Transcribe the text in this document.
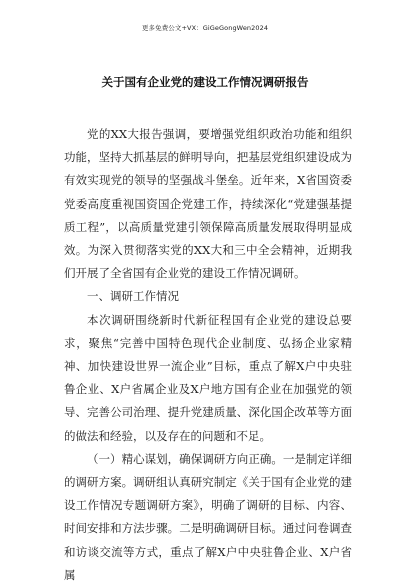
更多免费公文+VX：GiGeGongWen2024
关于国有企业党的建设工作情况调研报告

党的XX大报告强调，要增强党组织政治功能和组织功能，坚持大抓基层的鲜明导向，把基层党组织建设成为有效实现党的领导的坚强战斗堡垒。近年来，X省国资委党委高度重视国资国企党建工作，持续深化“党建强基提质工程”，以高质量党建引领保障高质量发展取得明显成效。为深入贯彻落实党的XX大和三中全会精神，近期我们开展了全省国有企业党的建设工作情况调研。

一、调研工作情况

本次调研围绕新时代新征程国有企业党的建设总要求，聚焦“完善中国特色现代企业制度、弘扬企业家精神、加快建设世界一流企业”目标，重点了解X户中央驻鲁企业、X户省属企业及X户地方国有企业在加强党的领导、完善公司治理、提升党建质量、深化国企改革等方面的做法和经验，以及存在的问题和不足。

（一）精心谋划，确保调研方向正确。一是制定详细的调研方案。调研组认真研究制定《关于国有企业党的建设工作情况专题调研方案》，明确了调研的目标、内容、时间安排和方法步骤。二是明确调研目标。通过问卷调查和访谈交流等方式，重点了解X户中央驻鲁企业、X户省属
